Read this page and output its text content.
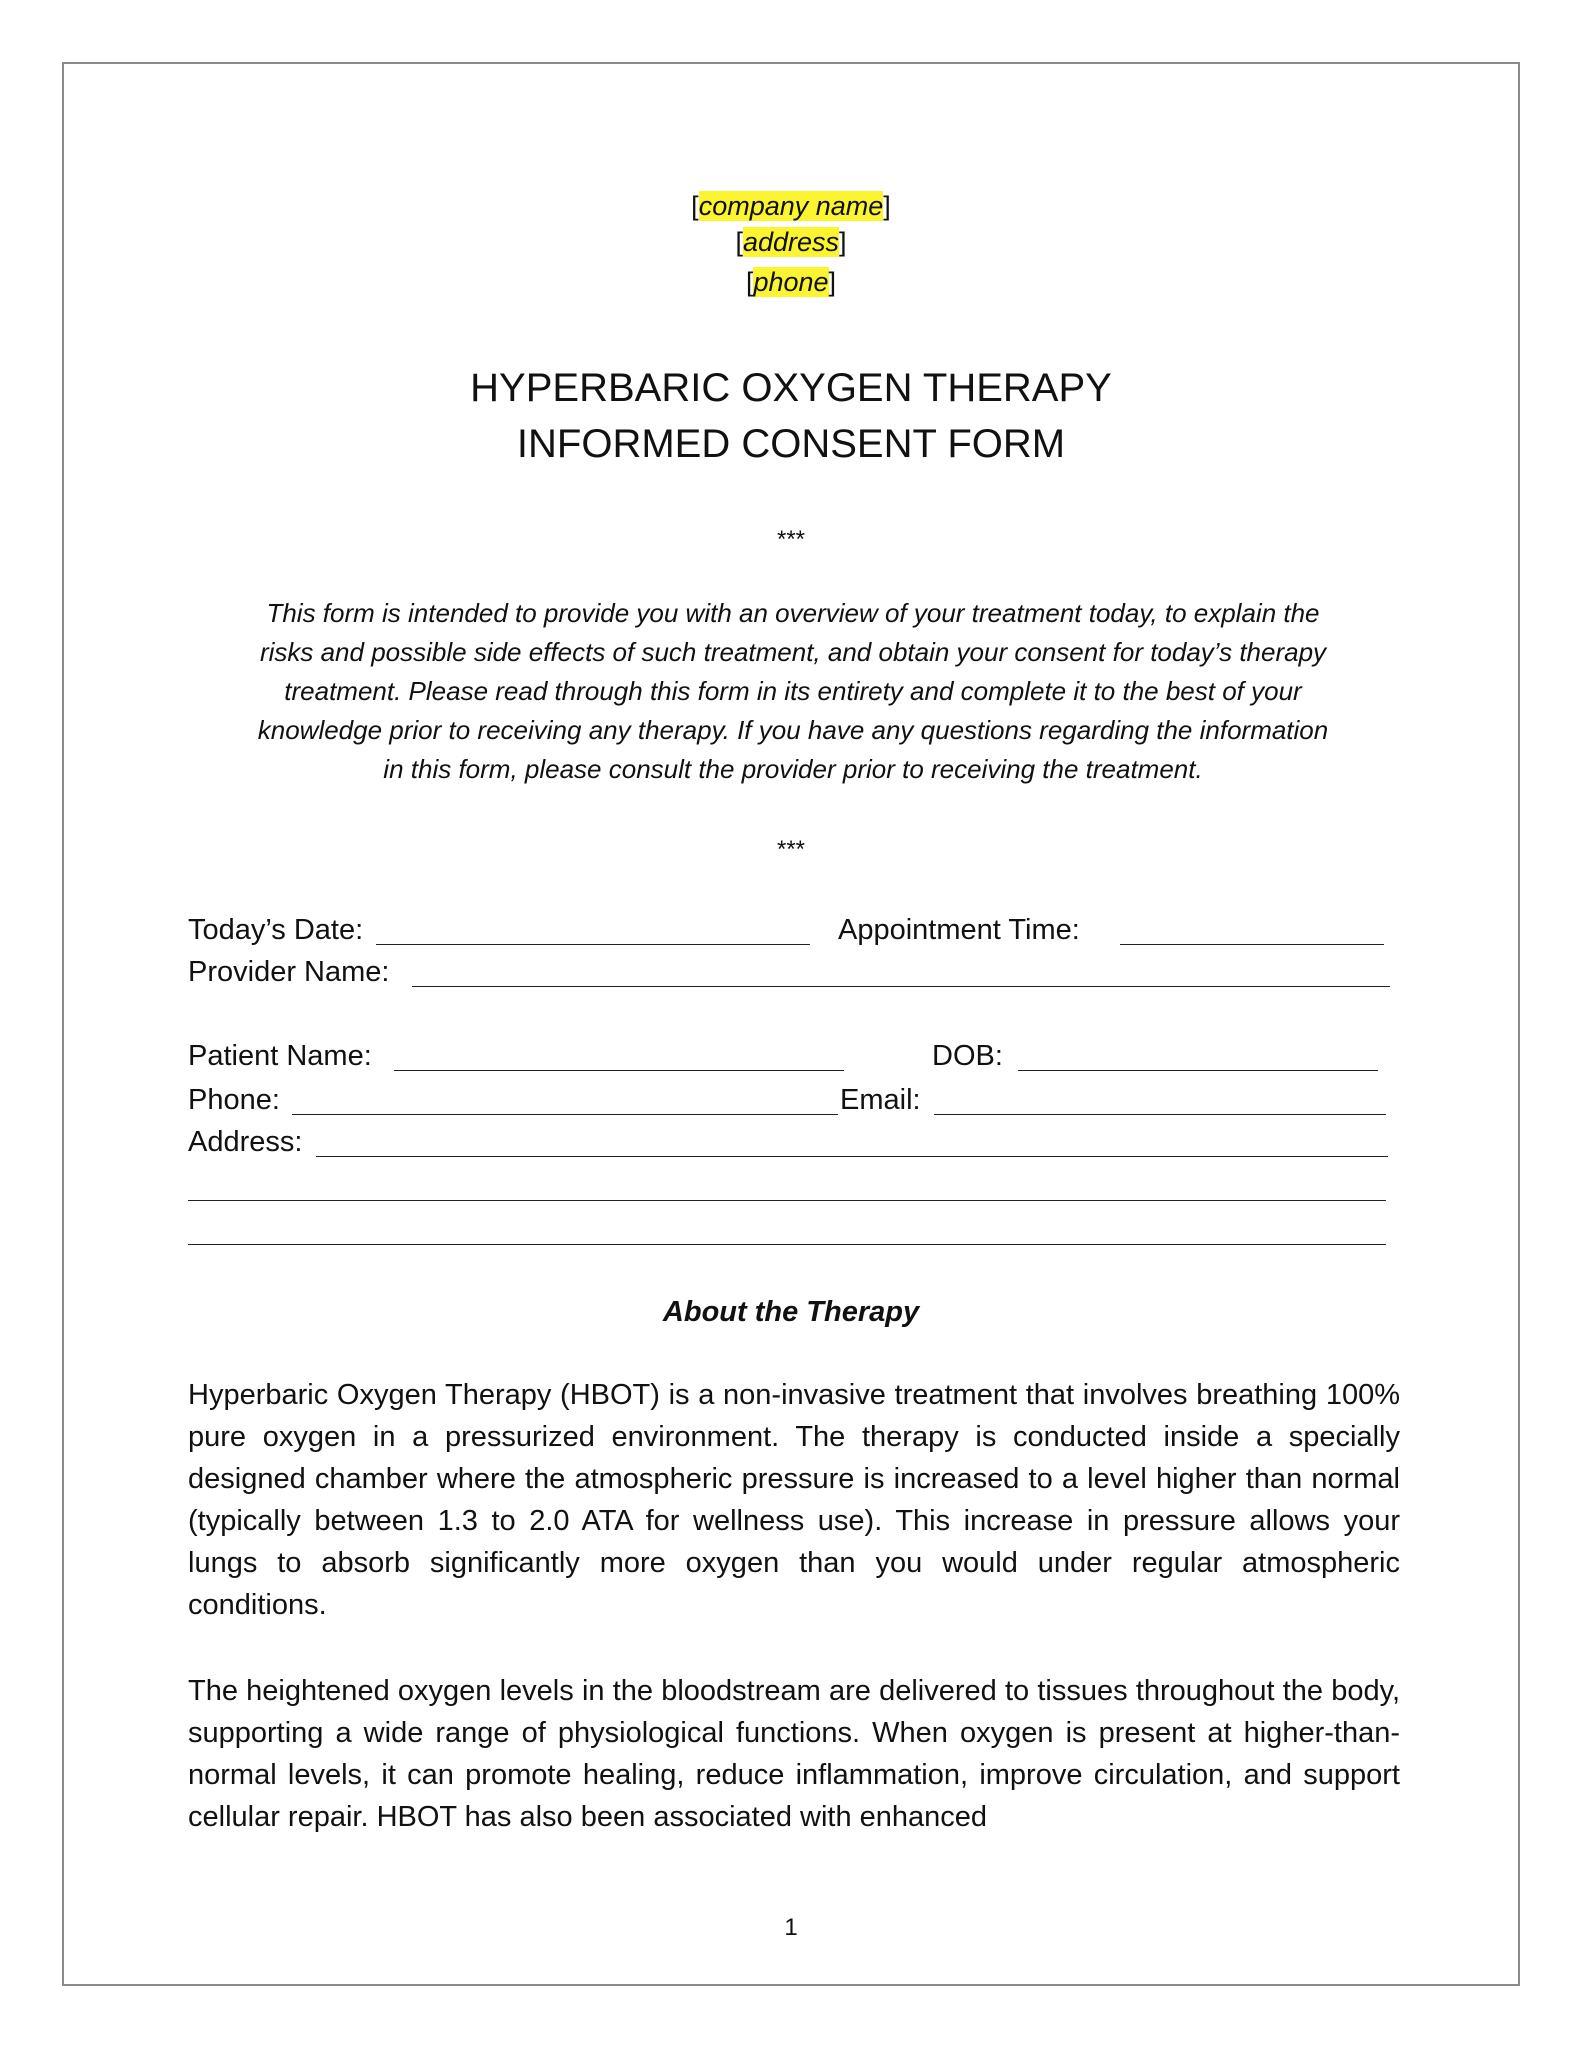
[company name]
[address]
[phone]
HYPERBARIC OXYGEN THERAPY
INFORMED CONSENT FORM
***
This form is intended to provide you with an overview of your treatment today, to explain the risks and possible side effects of such treatment, and obtain your consent for today’s therapy treatment. Please read through this form in its entirety and complete it to the best of your knowledge prior to receiving any therapy. If you have any questions regarding the information in this form, please consult the provider prior to receiving the treatment.
***
Today’s Date:	Appointment Time:
Provider Name:
Patient Name:	DOB:
Phone:	Email:
Address:
About the Therapy
Hyperbaric Oxygen Therapy (HBOT) is a non-invasive treatment that involves breathing 100% pure oxygen in a pressurized environment. The therapy is conducted inside a specially designed chamber where the atmospheric pressure is increased to a level higher than normal (typically between 1.3 to 2.0 ATA for wellness use). This increase in pressure allows your lungs to absorb significantly more oxygen than you would under regular atmospheric conditions.
The heightened oxygen levels in the bloodstream are delivered to tissues throughout the body, supporting a wide range of physiological functions. When oxygen is present at higher-than-normal levels, it can promote healing, reduce inflammation, improve circulation, and support cellular repair. HBOT has also been associated with enhanced
1
